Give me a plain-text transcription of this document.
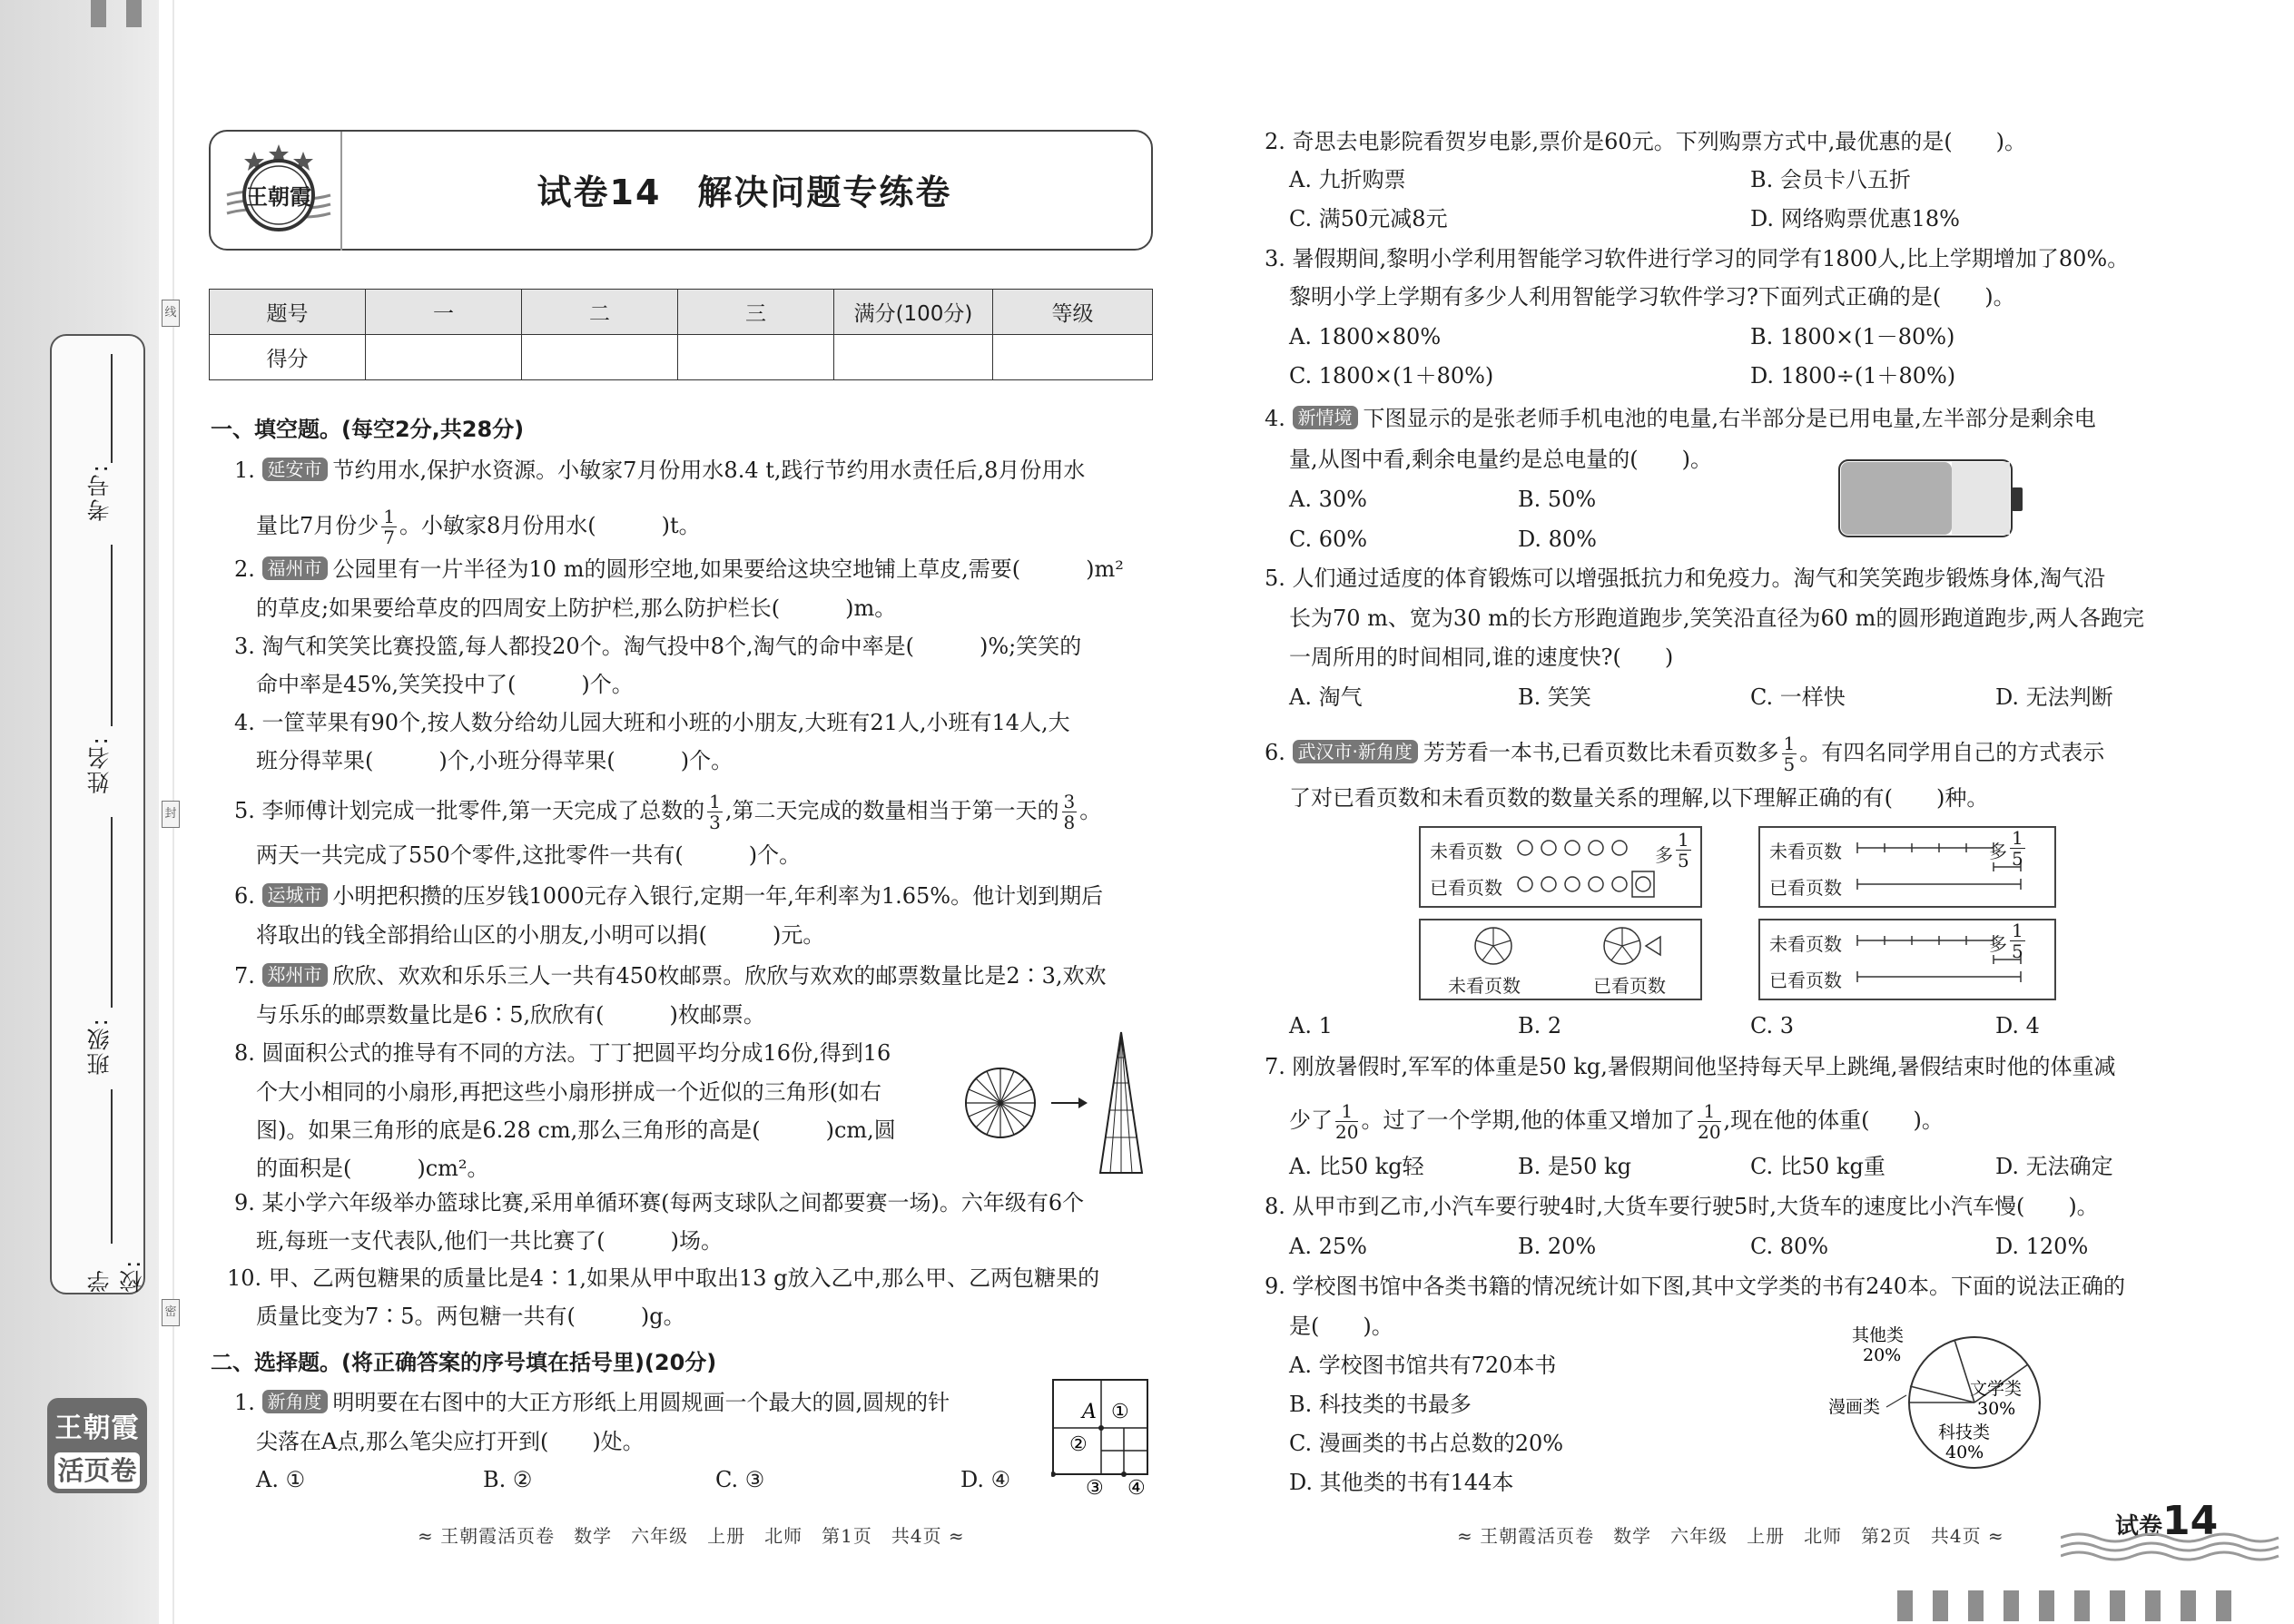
学校:
班级:
姓名:
考号:
线
封
密
王朝霞
活页卷
王朝霞	试卷14　解决问题专练卷
题号	一	二	三	满分(100分)	等级
得分					
一、填空题。(每空2分,共28分)
1. 延安市 节约用水,保护水资源。小敏家7月份用水8.4 t,践行节约用水责任后,8月份用水
量比7月份少 $\frac{1}{7}$ 。小敏家8月份用水(　　　)t。
2. 福州市 公园里有一片半径为10 m的圆形空地,如果要给这块空地铺上草皮,需要(　　　)m²
的草皮;如果要给草皮的四周安上防护栏,那么防护栏长(　　　)m。
3. 淘气和笑笑比赛投篮,每人都投20个。淘气投中8个,淘气的命中率是(　　　)%;笑笑的
命中率是45%,笑笑投中了(　　　)个。
4. 一筐苹果有90个,按人数分给幼儿园大班和小班的小朋友,大班有21人,小班有14人,大
班分得苹果(　　　)个,小班分得苹果(　　　)个。
5. 李师傅计划完成一批零件,第一天完成了总数的 $\frac{1}{3}$ ,第二天完成的数量相当于第一天的 $\frac{3}{8}$ 。
两天一共完成了550个零件,这批零件一共有(　　　)个。
6. 运城市 小明把积攒的压岁钱1000元存入银行,定期一年,年利率为1.65%。他计划到期后
将取出的钱全部捐给山区的小朋友,小明可以捐(　　　)元。
7. 郑州市 欣欣、欢欢和乐乐三人一共有450枚邮票。欣欣与欢欢的邮票数量比是2∶3,欢欢
与乐乐的邮票数量比是6∶5,欣欣有(　　　)枚邮票。
8. 圆面积公式的推导有不同的方法。丁丁把圆平均分成16份,得到16
个大小相同的小扇形,再把这些小扇形拼成一个近似的三角形(如右
图)。如果三角形的底是6.28 cm,那么三角形的高是(　　　)cm,圆
的面积是(　　　)cm²。
9. 某小学六年级举办篮球比赛,采用单循环赛(每两支球队之间都要赛一场)。六年级有6个
班,每班一支代表队,他们一共比赛了(　　　)场。
10. 甲、乙两包糖果的质量比是4∶1,如果从甲中取出13 g放入乙中,那么甲、乙两包糖果的
质量比变为7∶5。两包糖一共有(　　　)g。
二、选择题。(将正确答案的序号填在括号里)(20分)
1. 新角度 明明要在右图中的大正方形纸上用圆规画一个最大的圆,圆规的针
尖落在A点,那么笔尖应打开到(　　)处。
A. ①	B. ②	C. ③	D. ④
A ①
②
③ ④
≈ 王朝霞活页卷　数学　六年级　上册　北师　第1页　共4页 ≈
2. 奇思去电影院看贺岁电影,票价是60元。下列购票方式中,最优惠的是(　　)。
A. 九折购票	B. 会员卡八五折
C. 满50元减8元	D. 网络购票优惠18%
3. 暑假期间,黎明小学利用智能学习软件进行学习的同学有1800人,比上学期增加了80%。
黎明小学上学期有多少人利用智能学习软件学习?下面列式正确的是(　　)。
A. 1800×80%	B. 1800×(1－80%)
C. 1800×(1＋80%)	D. 1800÷(1＋80%)
4. 新情境 下图显示的是张老师手机电池的电量,右半部分是已用电量,左半部分是剩余电
量,从图中看,剩余电量约是总电量的(　　)。
A. 30%	B. 50%
C. 60%	D. 80%
5. 人们通过适度的体育锻炼可以增强抵抗力和免疫力。淘气和笑笑跑步锻炼身体,淘气沿
长为70 m、宽为30 m的长方形跑道跑步,笑笑沿直径为60 m的圆形跑道跑步,两人各跑完
一周所用的时间相同,谁的速度快?(　　)
A. 淘气	B. 笑笑	C. 一样快	D. 无法判断
6. 武汉市·新角度 芳芳看一本书,已看页数比未看页数多 $\frac{1}{5}$ 。有四名同学用自己的方式表示
了对已看页数和未看页数的数量关系的理解,以下理解正确的有(　　)种。
未看页数
已看页数
多 $\frac{1}{5}$	未看页数
已看页数
多 $\frac{1}{5}$
未看页数	已看页数
未看页数
已看页数
多 $\frac{1}{5}$
A. 1	B. 2	C. 3	D. 4
7. 刚放暑假时,军军的体重是50 kg,暑假期间他坚持每天早上跳绳,暑假结束时他的体重减
少了 $\frac{1}{20}$ 。过了一个学期,他的体重又增加了 $\frac{1}{20}$ ,现在他的体重(　　)。
A. 比50 kg轻	B. 是50 kg	C. 比50 kg重	D. 无法确定
8. 从甲市到乙市,小汽车要行驶4时,大货车要行驶5时,大货车的速度比小汽车慢(　　)。
A. 25%	B. 20%	C. 80%	D. 120%
9. 学校图书馆中各类书籍的情况统计如下图,其中文学类的书有240本。下面的说法正确的
是(　　)。
A. 学校图书馆共有720本书
B. 科技类的书最多
C. 漫画类的书占总数的20%
D. 其他类的书有144本
其他类
20%
文学类
30%
漫画类
科技类
40%
≈ 王朝霞活页卷　数学　六年级　上册　北师　第2页　共4页 ≈	试卷14
